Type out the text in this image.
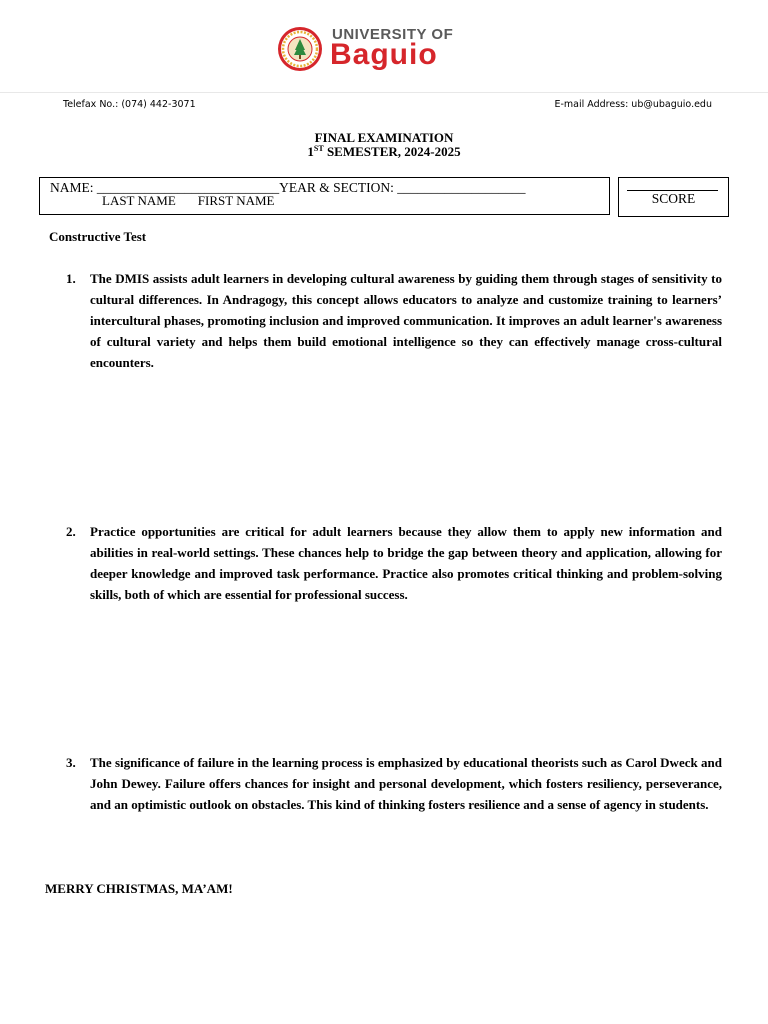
UNIVERSITY OF
Baguio
Telefax No.: (074) 442-3071	E-mail Address: ub@ubaguio.edu
FINAL EXAMINATION
1ST SEMESTER, 2024-2025
NAME: ___________________________YEAR & SECTION: ___________________
LAST NAME FIRST NAME	SCORE
Constructive Test
1.	The DMIS assists adult learners in developing cultural awareness by guiding them through stages of sensitivity to cultural differences. In Andragogy, this concept allows educators to analyze and customize training to learners’ intercultural phases, promoting inclusion and improved communication. It improves an adult learner's awareness of cultural variety and helps them build emotional intelligence so they can effectively manage cross-cultural encounters.
2.	Practice opportunities are critical for adult learners because they allow them to apply new information and abilities in real-world settings. These chances help to bridge the gap between theory and application, allowing for deeper knowledge and improved task performance. Practice also promotes critical thinking and problem-solving skills, both of which are essential for professional success.
3.	The significance of failure in the learning process is emphasized by educational theorists such as Carol Dweck and John Dewey. Failure offers chances for insight and personal development, which fosters resiliency, perseverance, and an optimistic outlook on obstacles. This kind of thinking fosters resilience and a sense of agency in students.
MERRY CHRISTMAS, MA’AM!
